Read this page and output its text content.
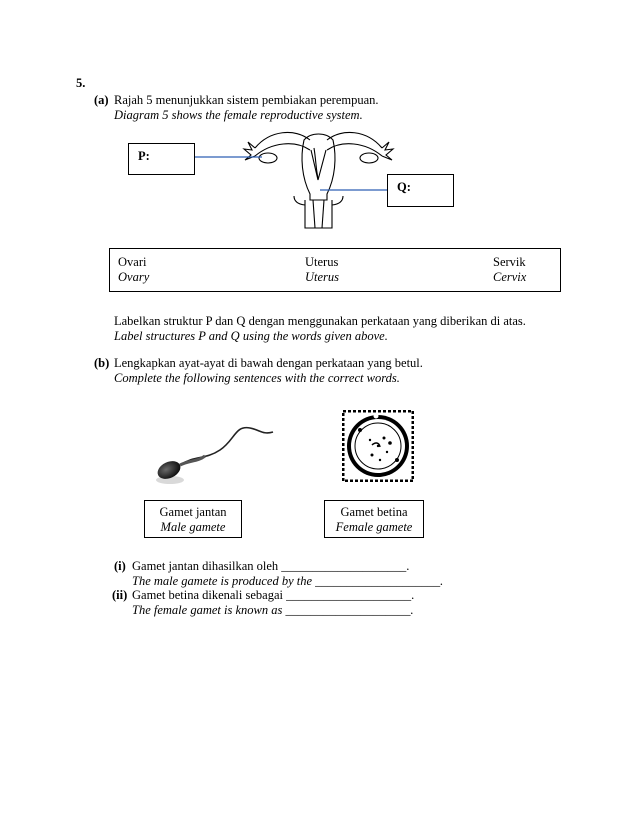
5.
(a) Rajah 5 menunjukkan sistem pembiakan perempuan.
Diagram 5 shows the female reproductive system.
P:
Q:
Ovari
Ovary
Uterus
Uterus
Servik
Cervix
Labelkan struktur P dan Q dengan menggunakan perkataan yang diberikan di atas.
Label structures P and Q using the words given above.
(b) Lengkapkan ayat-ayat di bawah dengan perkataan yang betul.
Complete the following sentences with the correct words.
Gamet jantan
Male gamete
Gamet betina
Female gamete
(i) Gamet jantan dihasilkan oleh ____________________.
The male gamete is produced by the ____________________.
(ii) Gamet betina dikenali sebagai ____________________.
The female gamet is known as ____________________.
